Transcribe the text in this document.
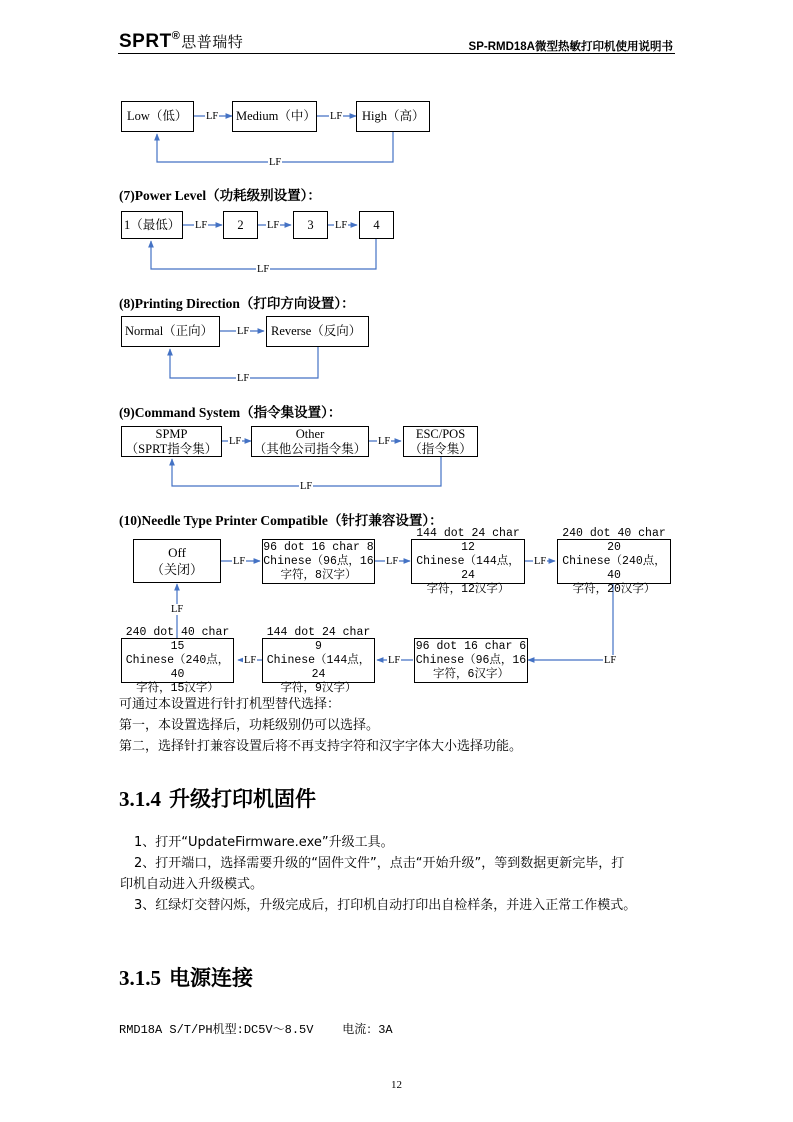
SPRT®思普瑞特	SP-RMD18A微型热敏打印机使用说明书
Low（低）	Medium（中）	High（高）
LF	LF
LF
(7)Power Level（功耗级别设置）：
1（最低）	2	3	4
LF	LF	LF
LF
(8)Printing Direction（打印方向设置）：
Normal（正向）	Reverse（反向）
LF
LF
(9)Command System（指令集设置）：
SPMP
（SPRT指令集）
Other
（其他公司指令集）
ESC/POS
（指令集）
LF	LF
LF
(10)Needle Type Printer Compatible（针打兼容设置）：
Off
（关闭）
96 dot 16 char 8
Chinese（96点，16
字符，8汉字）
144 dot 24 char 12
Chinese（144点，24
字符，12汉字）
240 dot 40 char 20
Chinese（240点，40
字符，20汉字）
96 dot 16 char 6
Chinese（96点，16
字符，6汉字）
144 dot 24 char 9
Chinese（144点，24
字符，9汉字）
240 dot 40 char 15
Chinese（240点，40
字符，15汉字）
LF	LF	LF
LF
LF
LF
LF
可通过本设置进行针打机型替代选择：
第一，本设置选择后，功耗级别仍可以选择。
第二，选择针打兼容设置后将不再支持字符和汉字字体大小选择功能。
3.1.4 升级打印机固件
1、打开“UpdateFirmware.exe”升级工具。
2、打开端口，选择需要升级的“固件文件”，点击“开始升级”，等到数据更新完毕，打
印机自动进入升级模式。
3、红绿灯交替闪烁，升级完成后，打印机自动打印出自检样条，并进入正常工作模式。
3.1.5 电源连接
RMD18A S/T/PH机型:DC5V～8.5V    电流：3A
12
